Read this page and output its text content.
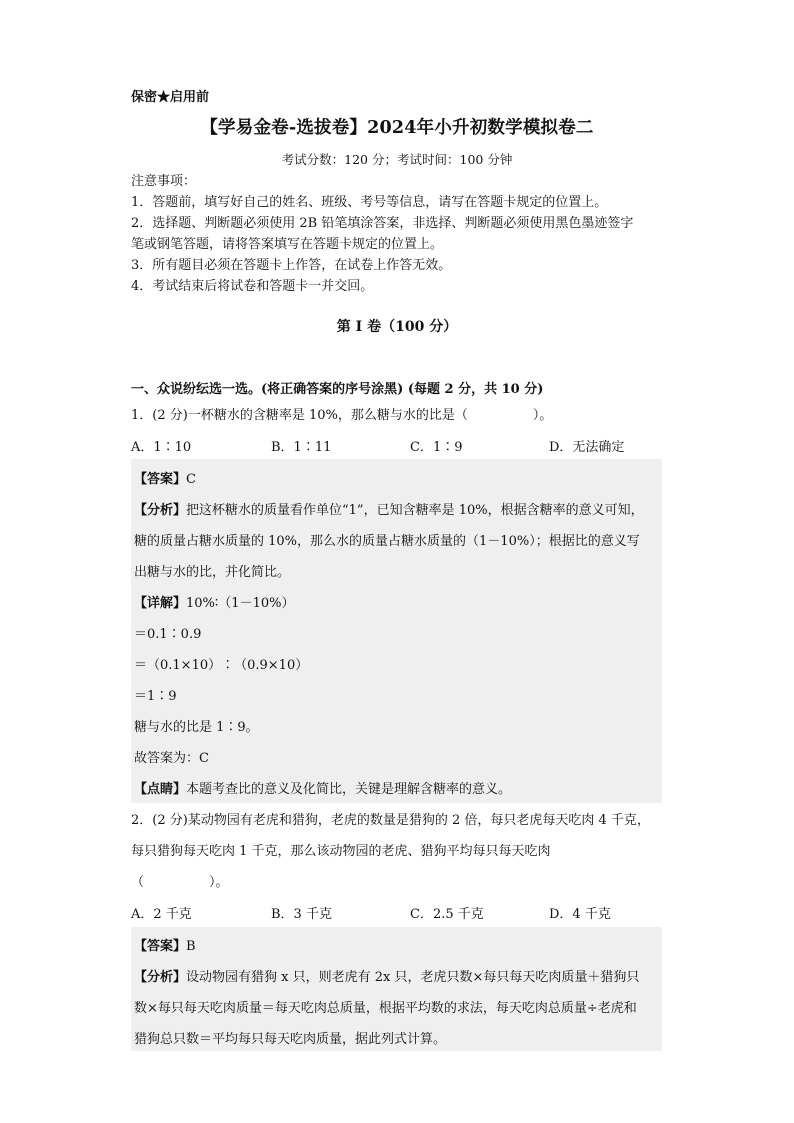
保密★启用前
【学易金卷-选拔卷】2024年小升初数学模拟卷二
考试分数：120 分；考试时间：100 分钟
注意事项：
1．答题前，填写好自己的姓名、班级、考号等信息，请写在答题卡规定的位置上。
2．选择题、判断题必须使用 2B 铅笔填涂答案，非选择、判断题必须使用黑色墨迹签字
笔或钢笔答题，请将答案填写在答题卡规定的位置上。
3．所有题目必须在答题卡上作答，在试卷上作答无效。
4．考试结束后将试卷和答题卡一并交回。
第 I 卷（100 分）
一、众说纷纭选一选。(将正确答案的序号涂黑) (每题 2 分，共 10 分)
1．(2 分)一杯糖水的含糖率是 10%，那么糖与水的比是（　　　　　）。
A．1∶10	B．1∶11	C．1∶9	D．无法确定
【答案】C
【分析】把这杯糖水的质量看作单位“1”，已知含糖率是 10%，根据含糖率的意义可知，
糖的质量占糖水质量的 10%，那么水的质量占糖水质量的（1－10%）；根据比的意义写
出糖与水的比，并化简比。
【详解】10%∶（1－10%）
＝0.1∶0.9
＝（0.1×10）∶（0.9×10）
＝1∶9
糖与水的比是 1∶9。
故答案为：C
【点睛】本题考查比的意义及化简比，关键是理解含糖率的意义。
2．(2 分)某动物园有老虎和猎狗，老虎的数量是猎狗的 2 倍，每只老虎每天吃肉 4 千克，
每只猎狗每天吃肉 1 千克，那么该动物园的老虎、猎狗平均每只每天吃肉
（　　　　　）。
A．2 千克	B．3 千克	C．2.5 千克	D．4 千克
【答案】B
【分析】设动物园有猎狗 x 只，则老虎有 2x 只，老虎只数×每只每天吃肉质量＋猎狗只
数×每只每天吃肉质量＝每天吃肉总质量，根据平均数的求法，每天吃肉总质量÷老虎和
猎狗总只数＝平均每只每天吃肉质量，据此列式计算。
